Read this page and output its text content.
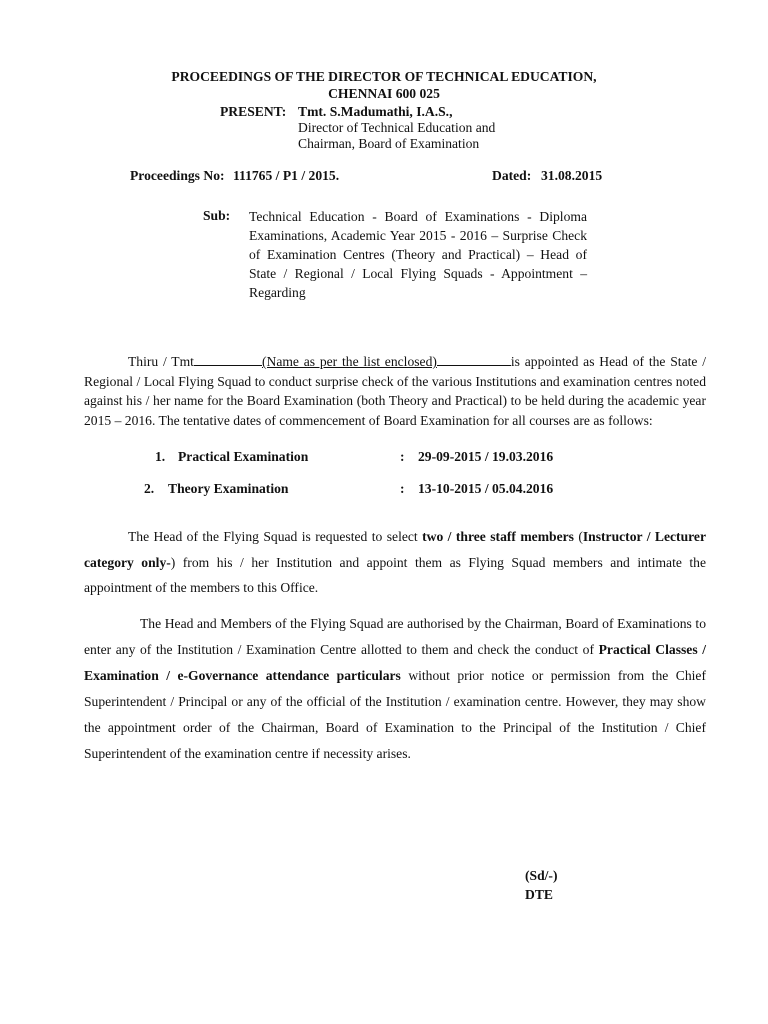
PROCEEDINGS OF THE DIRECTOR OF TECHNICAL EDUCATION,
CHENNAI 600 025
PRESENT: Tmt. S.Madumathi, I.A.S.,
Director of Technical Education and
Chairman, Board of Examination
Proceedings No: 111765 / P1 / 2015.	Dated: 31.08.2015
Sub: Technical Education - Board of Examinations - Diploma Examinations, Academic Year 2015 - 2016 – Surprise Check of Examination Centres (Theory and Practical) – Head of State / Regional / Local Flying Squads - Appointment – Regarding
Thiru / Tmt	(Name as per the list enclosed)	is appointed as Head of the State / Regional / Local Flying Squad to conduct surprise check of the various Institutions and examination centres noted against his / her name for the Board Examination (both Theory and Practical) to be held during the academic year 2015 – 2016. The tentative dates of commencement of Board Examination for all courses are as follows:
1. Practical Examination	: 29-09-2015 / 19.03.2016
2. Theory Examination	: 13-10-2015 / 05.04.2016
The Head of the Flying Squad is requested to select two / three staff members (Instructor / Lecturer category only-) from his / her Institution and appoint them as Flying Squad members and intimate the appointment of the members to this Office.
The Head and Members of the Flying Squad are authorised by the Chairman, Board of Examinations to enter any of the Institution / Examination Centre allotted to them and check the conduct of Practical Classes / Examination / e-Governance attendance particulars without prior notice or permission from the Chief Superintendent / Principal or any of the official of the Institution / examination centre. However, they may show the appointment order of the Chairman, Board of Examination to the Principal of the Institution / Chief Superintendent of the examination centre if necessity arises.
(Sd/-)
DTE
